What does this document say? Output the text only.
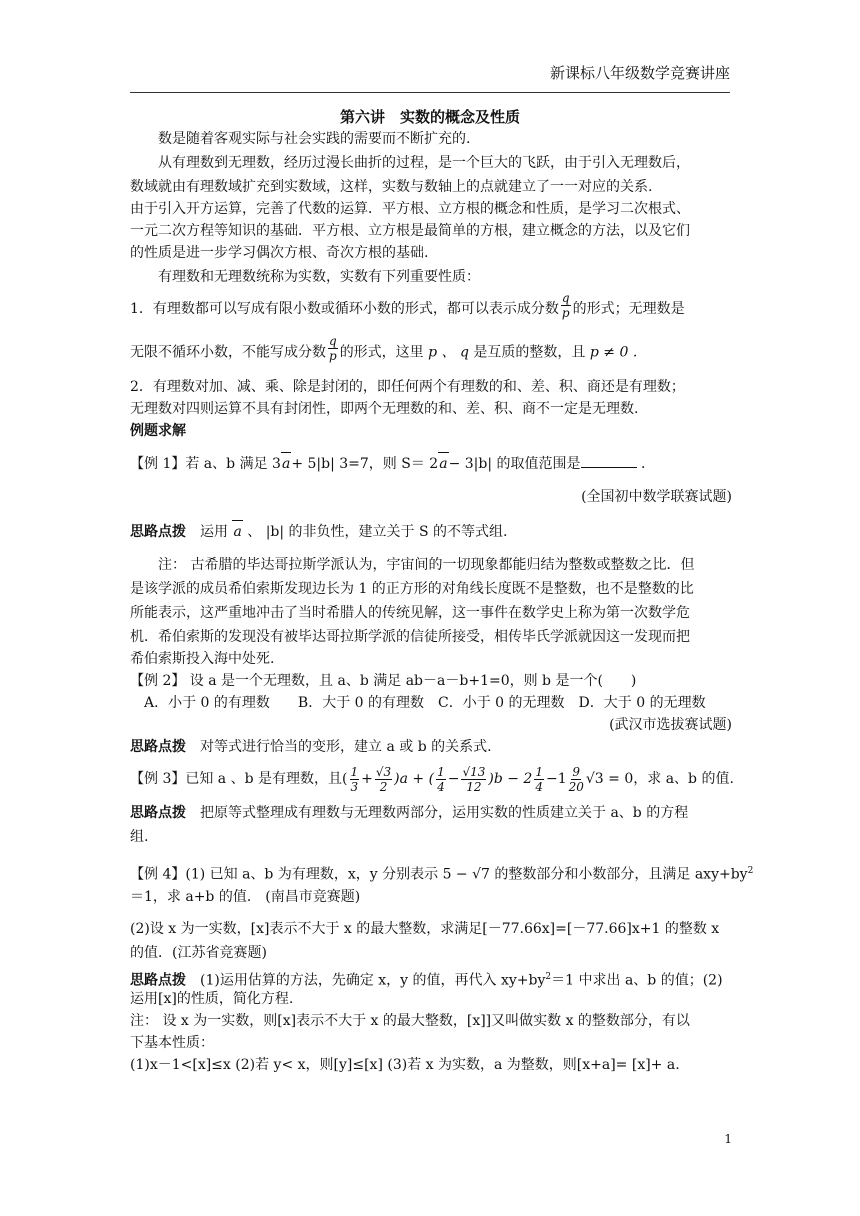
新课标八年级数学竞赛讲座
第六讲　实数的概念及性质
数是随着客观实际与社会实践的需要而不断扩充的.
从有理数到无理数，经历过漫长曲折的过程，是一个巨大的飞跃，由于引入无理数后，
数域就由有理数域扩充到实数域，这样，实数与数轴上的点就建立了一一对应的关系.
由于引入开方运算，完善了代数的运算．平方根、立方根的概念和性质，是学习二次根式、
一元二次方程等知识的基础．平方根、立方根是最简单的方根，建立概念的方法，以及它们
的性质是进一步学习偶次方根、奇次方根的基础.
有理数和无理数统称为实数，实数有下列重要性质：
1．有理数都可以写成有限小数或循环小数的形式，都可以表示成分数 $\frac{q}{p}$ 的形式；无理数是
无限不循环小数，不能写成分数 $\frac{q}{p}$ 的形式，这里 p 、 q 是互质的整数，且 p ≠ 0 .
2．有理数对加、减、乘、除是封闭的，即任何两个有理数的和、差、积、商还是有理数；
无理数对四则运算不具有封闭性，即两个无理数的和、差、积、商不一定是无理数.
例题求解
【例 1】若 a、b 满足 3a+ 5|b| 3=7，则 S＝ 2a− 3|b| 的取值范围是	．
(全国初中数学联赛试题)
思路点拨　 运用 a 、 |b| 的非负性，建立关于 S 的不等式组.
注： 古希腊的毕达哥拉斯学派认为，宇宙间的一切现象都能归结为整数或整数之比．但
是该学派的成员希伯索斯发现边长为 1 的正方形的对角线长度既不是整数，也不是整数的比
所能表示，这严重地冲击了当时希腊人的传统见解，这一事件在数学史上称为第一次数学危
机．希伯索斯的发现没有被毕达哥拉斯学派的信徒所接受，相传毕氏学派就因这一发现而把
希伯索斯投入海中处死.
【例 2】 设 a 是一个无理数，且 a、b 满足 ab－a－b+1=0，则 b 是一个(　　)
A．小于 0 的有理数　　B．大于 0 的有理数　C．小于 0 的无理数　D．大于 0 的无理数
(武汉市选拔赛试题)
思路点拨　 对等式进行恰当的变形，建立 a 或 b 的关系式.
【例 3】已知 a 、b 是有理数，且( $\frac{1}{3} + \frac{√3}{2} )a$ + ( $\frac{1}{4} - \frac{√13}{12} )b - 2 \frac{1}{4} -1 \frac{9}{20} √3 = 0$，求 a、b 的值.
思路点拨　 把原等式整理成有理数与无理数两部分，运用实数的性质建立关于 a、b 的方程
组.
【例 4】(1) 已知 a、b 为有理数，x，y 分别表示 5 − √7 的整数部分和小数部分，且满足 $axy+by^2$
＝1，求 a+b 的值． (南昌市竞赛题)
(2)设 x 为一实数，[x]表示不大于 x 的最大整数，求满足[－77.66x]=[－77.66]x+1 的整数 x
的值．(江苏省竞赛题)
思路点拨　 (1)运用估算的方法，先确定 x，y 的值，再代入 $xy+by^2=1$ 中求出 a、b 的值；(2)
运用[x]的性质，简化方程.
注： 设 x 为一实数，则[x]表示不大于 x 的最大整数，[x]]又叫做实数 x 的整数部分，有以
下基本性质：
(1)x－1<[x]≤x (2)若 y< x，则[y]≤[x] (3)若 x 为实数，a 为整数，则[x+a]= [x]+ a.
1
